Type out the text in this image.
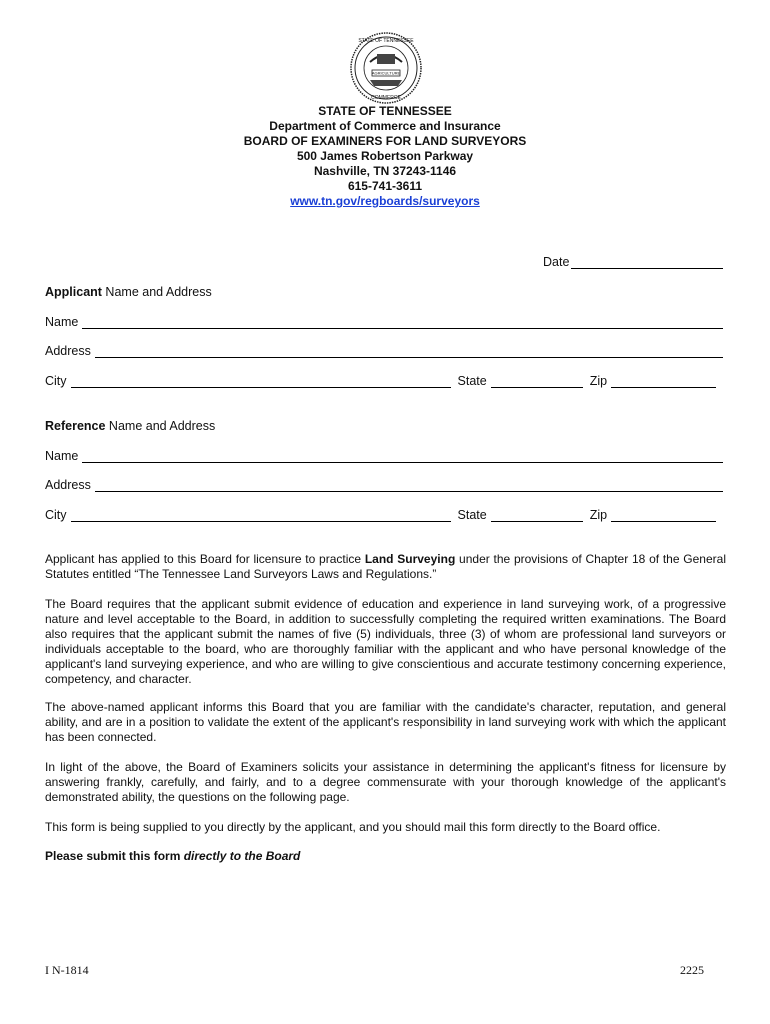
AGRICULTURE
STATE OF TENNESSEE
COMMERCE
STATE OF TENNESSEE
Department of Commerce and Insurance
BOARD OF EXAMINERS FOR LAND SURVEYORS
500 James Robertson Parkway
Nashville, TN 37243-1146
615-741-3611
www.tn.gov/regboards/surveyors
Date
Applicant Name and Address
Name
Address
City	State	Zip
Reference Name and Address
Name
Address
City	State	Zip
Applicant has applied to this Board for licensure to practice Land Surveying under the provisions of Chapter 18 of the General Statutes entitled “The Tennessee Land Surveyors Laws and Regulations.”
The Board requires that the applicant submit evidence of education and experience in land surveying work, of a progressive nature and level acceptable to the Board, in addition to successfully completing the required written examinations. The Board also requires that the applicant submit the names of five (5) individuals, three (3) of whom are professional land surveyors or individuals acceptable to the board, who are thoroughly familiar with the applicant and who have personal knowledge of the applicant's land surveying experience, and who are willing to give conscientious and accurate testimony concerning experience, competency, and character.
The above-named applicant informs this Board that you are familiar with the candidate's character, reputation, and general ability, and are in a position to validate the extent of the applicant's responsibility in land surveying work with which the applicant has been connected.
In light of the above, the Board of Examiners solicits your assistance in determining the applicant's fitness for licensure by answering frankly, carefully, and fairly, and to a degree commensurate with your thorough knowledge of the applicant's demonstrated ability, the questions on the following page.
This form is being supplied to you directly by the applicant, and you should mail this form directly to the Board office.
Please submit this form directly to the Board
I N-1814	2225
